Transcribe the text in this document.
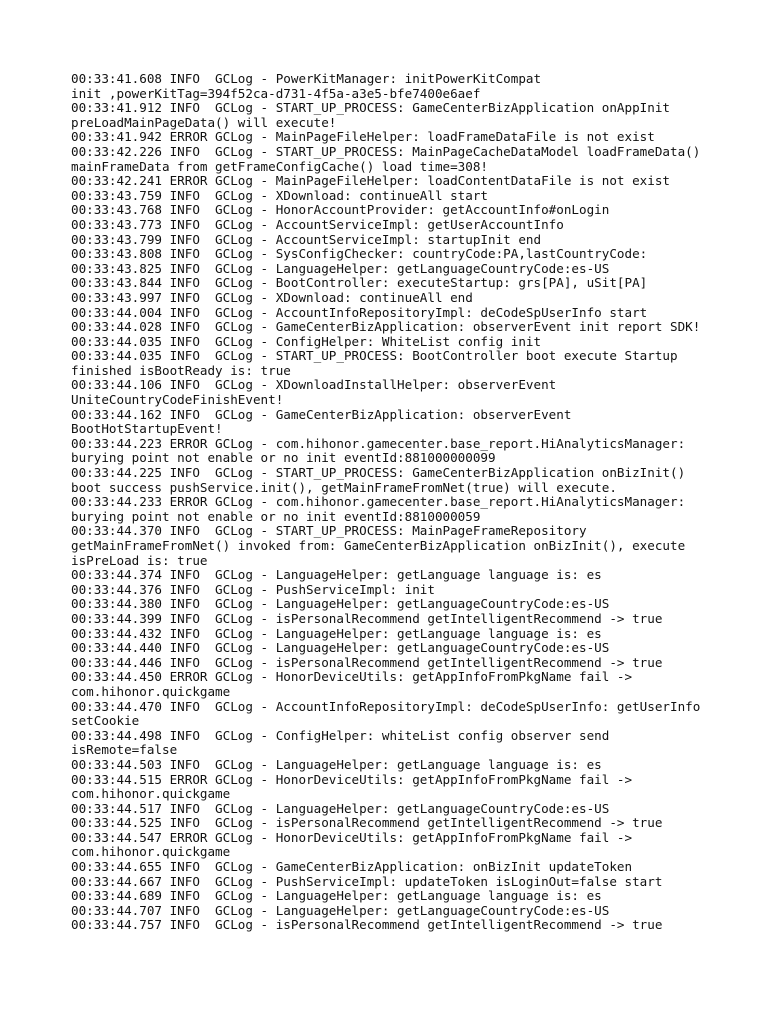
00:33:41.608 INFO  GCLog - PowerKitManager: initPowerKitCompat
init ,powerKitTag=394f52ca-d731-4f5a-a3e5-bfe7400e6aef
00:33:41.912 INFO  GCLog - START_UP_PROCESS: GameCenterBizApplication onAppInit
preLoadMainPageData() will execute!
00:33:41.942 ERROR GCLog - MainPageFileHelper: loadFrameDataFile is not exist
00:33:42.226 INFO  GCLog - START_UP_PROCESS: MainPageCacheDataModel loadFrameData()
mainFrameData from getFrameConfigCache() load time=308!
00:33:42.241 ERROR GCLog - MainPageFileHelper: loadContentDataFile is not exist
00:33:43.759 INFO  GCLog - XDownload: continueAll start
00:33:43.768 INFO  GCLog - HonorAccountProvider: getAccountInfo#onLogin
00:33:43.773 INFO  GCLog - AccountServiceImpl: getUserAccountInfo
00:33:43.799 INFO  GCLog - AccountServiceImpl: startupInit end
00:33:43.808 INFO  GCLog - SysConfigChecker: countryCode:PA,lastCountryCode:
00:33:43.825 INFO  GCLog - LanguageHelper: getLanguageCountryCode:es-US
00:33:43.844 INFO  GCLog - BootController: executeStartup: grs[PA], uSit[PA]
00:33:43.997 INFO  GCLog - XDownload: continueAll end
00:33:44.004 INFO  GCLog - AccountInfoRepositoryImpl: deCodeSpUserInfo start
00:33:44.028 INFO  GCLog - GameCenterBizApplication: observerEvent init report SDK!
00:33:44.035 INFO  GCLog - ConfigHelper: WhiteList config init
00:33:44.035 INFO  GCLog - START_UP_PROCESS: BootController boot execute Startup
finished isBootReady is: true
00:33:44.106 INFO  GCLog - XDownloadInstallHelper: observerEvent
UniteCountryCodeFinishEvent!
00:33:44.162 INFO  GCLog - GameCenterBizApplication: observerEvent
BootHotStartupEvent!
00:33:44.223 ERROR GCLog - com.hihonor.gamecenter.base_report.HiAnalyticsManager:
burying point not enable or no init eventId:881000000099
00:33:44.225 INFO  GCLog - START_UP_PROCESS: GameCenterBizApplication onBizInit()
boot success pushService.init(), getMainFrameFromNet(true) will execute.
00:33:44.233 ERROR GCLog - com.hihonor.gamecenter.base_report.HiAnalyticsManager:
burying point not enable or no init eventId:8810000059
00:33:44.370 INFO  GCLog - START_UP_PROCESS: MainPageFrameRepository
getMainFrameFromNet() invoked from: GameCenterBizApplication onBizInit(), execute
isPreLoad is: true
00:33:44.374 INFO  GCLog - LanguageHelper: getLanguage language is: es
00:33:44.376 INFO  GCLog - PushServiceImpl: init
00:33:44.380 INFO  GCLog - LanguageHelper: getLanguageCountryCode:es-US
00:33:44.399 INFO  GCLog - isPersonalRecommend getIntelligentRecommend -> true
00:33:44.432 INFO  GCLog - LanguageHelper: getLanguage language is: es
00:33:44.440 INFO  GCLog - LanguageHelper: getLanguageCountryCode:es-US
00:33:44.446 INFO  GCLog - isPersonalRecommend getIntelligentRecommend -> true
00:33:44.450 ERROR GCLog - HonorDeviceUtils: getAppInfoFromPkgName fail ->
com.hihonor.quickgame
00:33:44.470 INFO  GCLog - AccountInfoRepositoryImpl: deCodeSpUserInfo: getUserInfo
setCookie
00:33:44.498 INFO  GCLog - ConfigHelper: whiteList config observer send
isRemote=false
00:33:44.503 INFO  GCLog - LanguageHelper: getLanguage language is: es
00:33:44.515 ERROR GCLog - HonorDeviceUtils: getAppInfoFromPkgName fail ->
com.hihonor.quickgame
00:33:44.517 INFO  GCLog - LanguageHelper: getLanguageCountryCode:es-US
00:33:44.525 INFO  GCLog - isPersonalRecommend getIntelligentRecommend -> true
00:33:44.547 ERROR GCLog - HonorDeviceUtils: getAppInfoFromPkgName fail ->
com.hihonor.quickgame
00:33:44.655 INFO  GCLog - GameCenterBizApplication: onBizInit updateToken
00:33:44.667 INFO  GCLog - PushServiceImpl: updateToken isLoginOut=false start
00:33:44.689 INFO  GCLog - LanguageHelper: getLanguage language is: es
00:33:44.707 INFO  GCLog - LanguageHelper: getLanguageCountryCode:es-US
00:33:44.757 INFO  GCLog - isPersonalRecommend getIntelligentRecommend -> true
